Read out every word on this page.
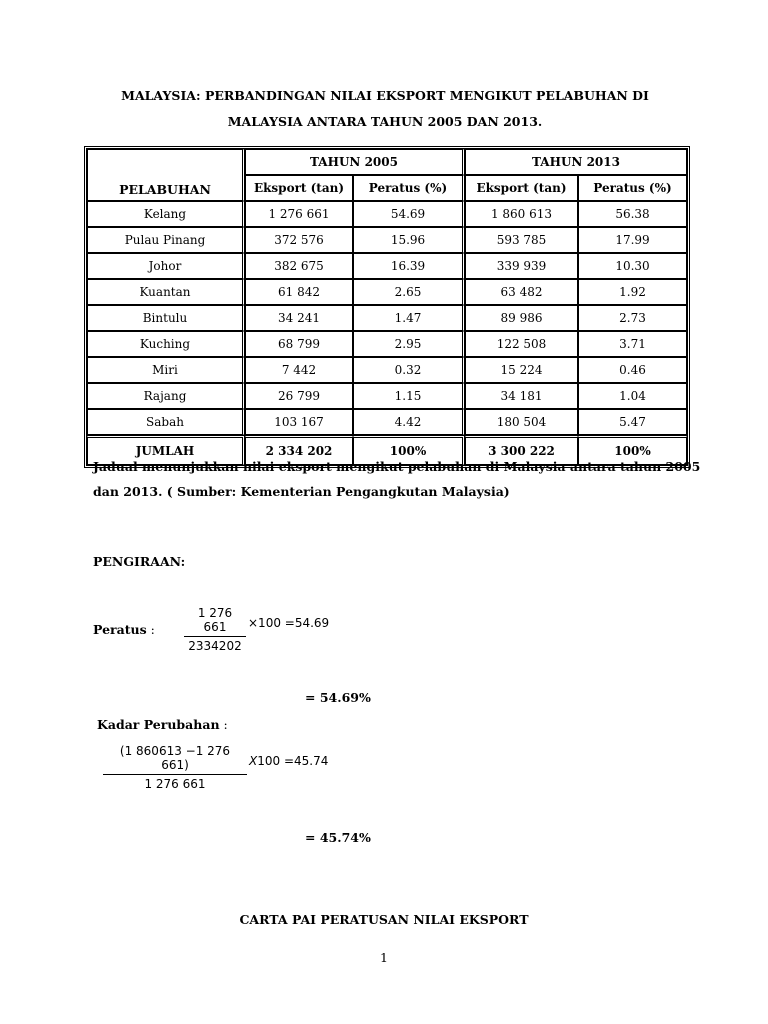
MALAYSIA: PERBANDINGAN NILAI EKSPORT MENGIKUT PELABUHAN DI
MALAYSIA ANTARA TAHUN 2005 DAN 2013.
PELABUHAN	TAHUN 2005		TAHUN 2013	
	Eksport (tan)	Peratus (%)	Eksport (tan)	Peratus (%)
Kelang	1 276 661	54.69	1 860 613	56.38
Pulau Pinang	372 576	15.96	593 785	17.99
Johor	382 675	16.39	339 939	10.30
Kuantan	61 842	2.65	63 482	1.92
Bintulu	34 241	1.47	89 986	2.73
Kuching	68 799	2.95	122 508	3.71
Miri	7 442	0.32	15 224	0.46
Rajang	26 799	1.15	34 181	1.04
Sabah	103 167	4.42	180 504	5.47
JUMLAH	2 334 202	100%	3 300 222	100%
Jadual menunjukkan nilai eksport mengikut pelabuhan di Malaysia antara tahun 2005
dan 2013. ( Sumber: Kementerian Pengangkutan Malaysia)
PENGIRAAN:
Peratus : $\frac{1 276 661}{2334202} \times 100 =54.69$
= 54.69%
Kadar Perubahan :
$\frac{(1 860613 -1 276 661)}{1 276 661} X100 =45.74$
= 45.74%
CARTA PAI PERATUSAN NILAI EKSPORT
1
